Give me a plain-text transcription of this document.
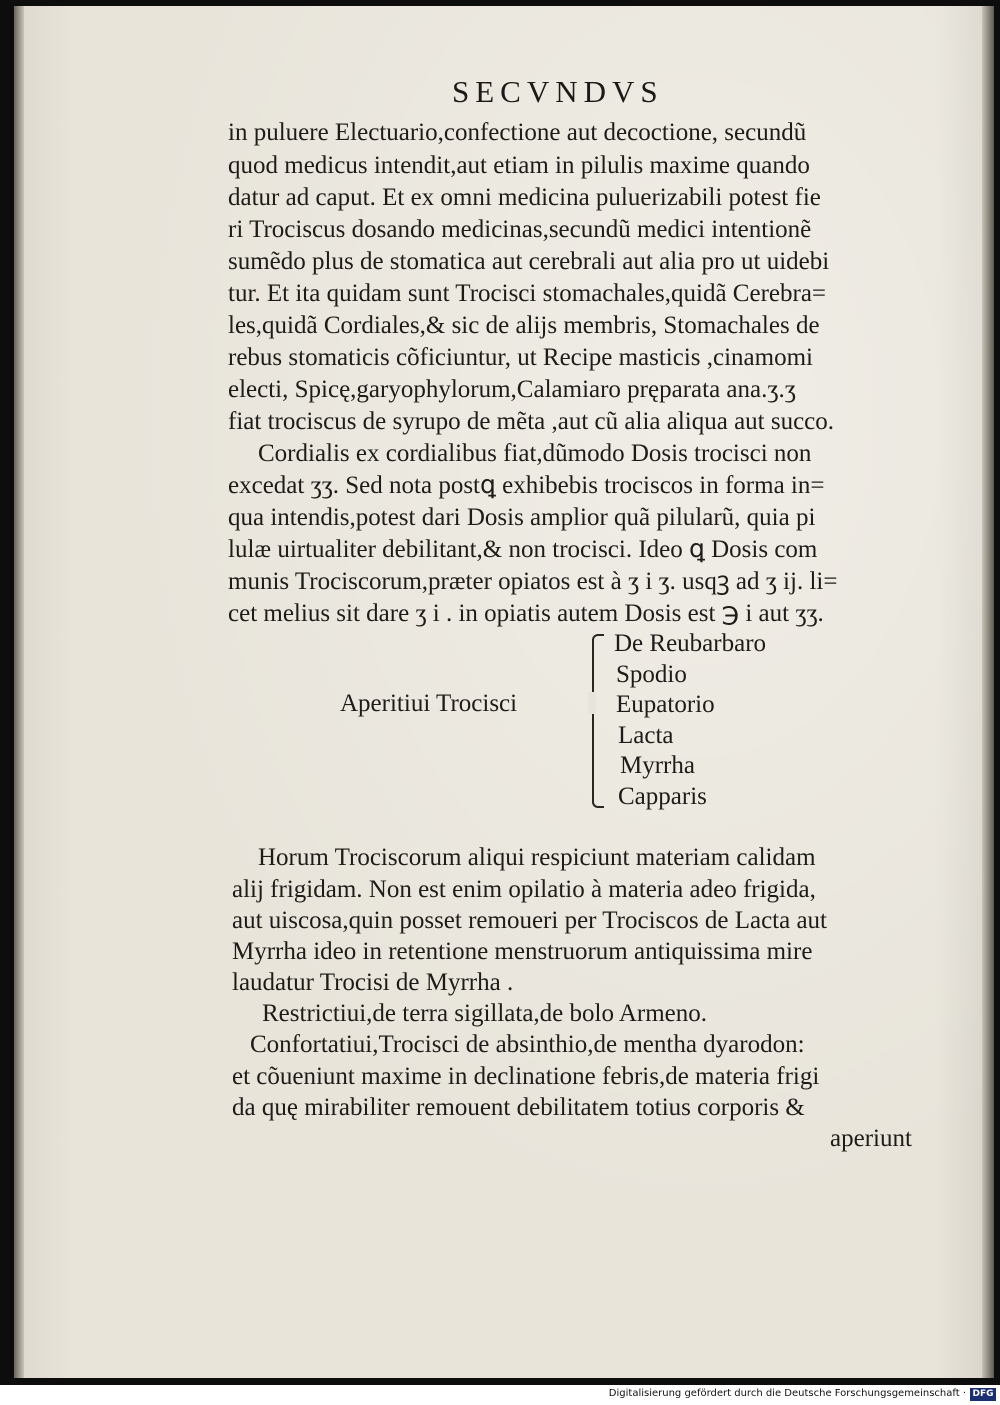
SECVNDVS
in puluere Electuario,confectione aut decoctione, secundũ
quod medicus intendit,aut etiam in pilulis maxime quando
datur ad caput. Et ex omni medicina puluerizabili potest fie
ri Trociscus dosando medicinas,secundũ medici intentionẽ
sumẽdo plus de stomatica aut cerebrali aut alia pro ut uidebi
tur. Et ita quidam sunt Trocisci stomachales,quidã Cerebra=
les,quidã Cordiales,& sic de alijs membris, Stomachales de
rebus stomaticis cõficiuntur, ut Recipe masticis ,cinamomi
electi, Spicę,garyophylorum,Calamiaro pręparata ana.ʒ.ʒ
fiat trociscus de syrupo de mẽta ,aut cũ alia aliqua aut succo.
Cordialis ex cordialibus fiat,dũmodo Dosis trocisci non
excedat ʒʒ. Sed nota postꝗ exhibebis trociscos in forma in=
qua intendis,potest dari Dosis amplior quã pilularũ, quia pi
lulæ uirtualiter debilitant,& non trocisci. Ideo ꝗ Dosis com
munis Trociscorum,prӕter opiatos est à ʒ i ʒ. usqꝫ ad ʒ ij. li=
cet melius sit dare ʒ i . in opiatis autem Dosis est ℈ i aut ʒʒ.
Aperitiui Trocisci
De Reubarbaro
Spodio
Eupatorio
Lacta
Myrrha
Capparis
Horum Trociscorum aliqui respiciunt materiam calidam
alij frigidam. Non est enim opilatio à materia adeo frigida,
aut uiscosa,quin posset remoueri per Trociscos de Lacta aut
Myrrha ideo in retentione menstruorum antiquissima mire
laudatur Trocisi de Myrrha .
Restrictiui,de terra sigillata,de bolo Armeno.
Confortatiui,Trocisci de absinthio,de mentha dyarodon:
et cõueniunt maxime in declinatione febris,de materia frigi
da quę mirabiliter remouent debilitatem totius corporis &
aperiunt
Digitalisierung gefördert durch die Deutsche Forschungsgemeinschaft · DFG
